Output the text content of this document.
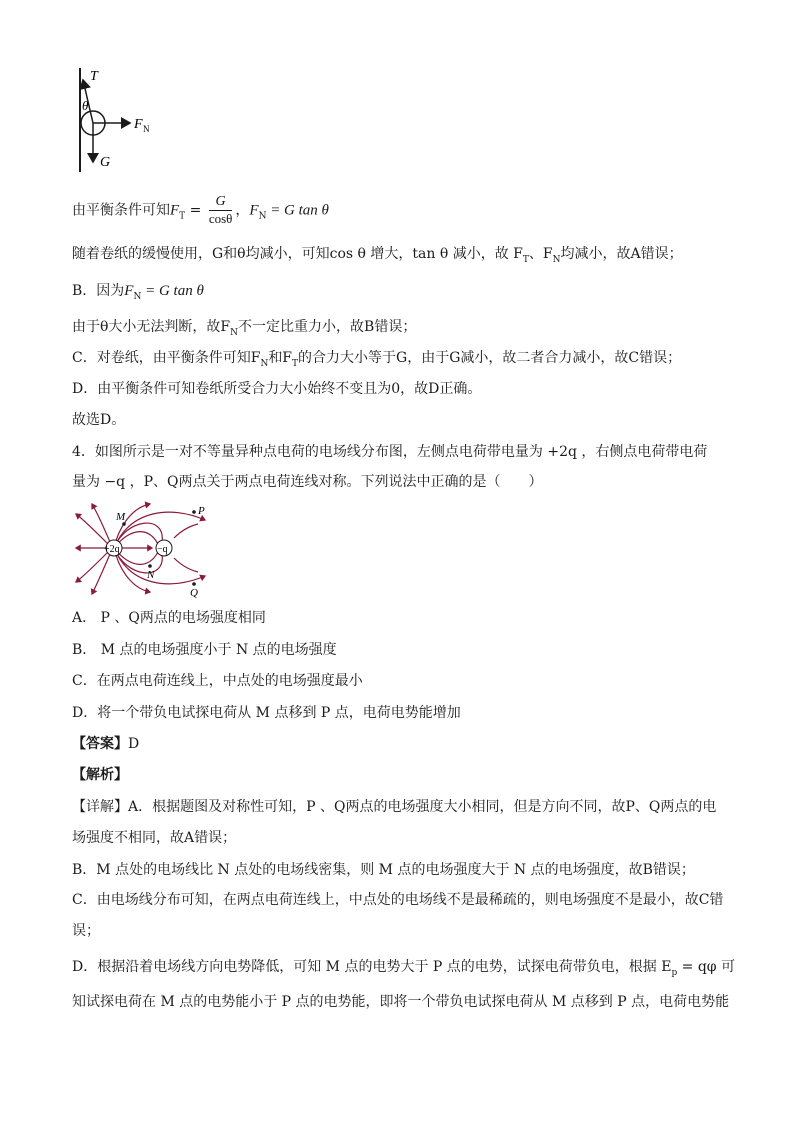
T
θ
F N
G
由平衡条件可知$F_T = \frac{G}{\cos\theta}$ ，$F_N = G$ tan θ
随着卷纸的缓慢使用，G和θ均减小，可知cos θ 增大，tan θ 减小，故 $F_T$、$F_N$均减小，故A错误；
B．因为$F_N = G$ tan θ
由于θ大小无法判断，故$F_N$不一定比重力小，故B错误；
C．对卷纸，由平衡条件可知$F_N$和$F_T$的合力大小等于G，由于G减小，故二者合力减小，故C错误；
D．由平衡条件可知卷纸所受合力大小始终不变且为0，故D正确。
故选D。
4．如图所示是一对不等量异种点电荷的电场线分布图，左侧点电荷带电量为 +2q ，右侧点电荷带电荷
量为 −q ，P、Q两点关于两点电荷连线对称。下列说法中正确的是（　　）
+2q	−q
M
N
P
Q
A． P 、Q两点的电场强度相同
B． M 点的电场强度小于 N 点的电场强度
C．在两点电荷连线上，中点处的电场强度最小
D．将一个带负电试探电荷从 M 点移到 P 点，电荷电势能增加
【答案】D
【解析】
【详解】A．根据题图及对称性可知，P 、Q两点的电场强度大小相同，但是方向不同，故P、Q两点的电
场强度不相同，故A错误；
B．M 点处的电场线比 N 点处的电场线密集，则 M 点的电场强度大于 N 点的电场强度，故B错误；
C．由电场线分布可知，在两点电荷连线上，中点处的电场线不是最稀疏的，则电场强度不是最小，故C错
误；
D．根据沿着电场线方向电势降低，可知 M 点的电势大于 P 点的电势，试探电荷带负电，根据 $E_p = q\varphi$ 可
知试探电荷在 M 点的电势能小于 P 点的电势能，即将一个带负电试探电荷从 M 点移到 P 点，电荷电势能
